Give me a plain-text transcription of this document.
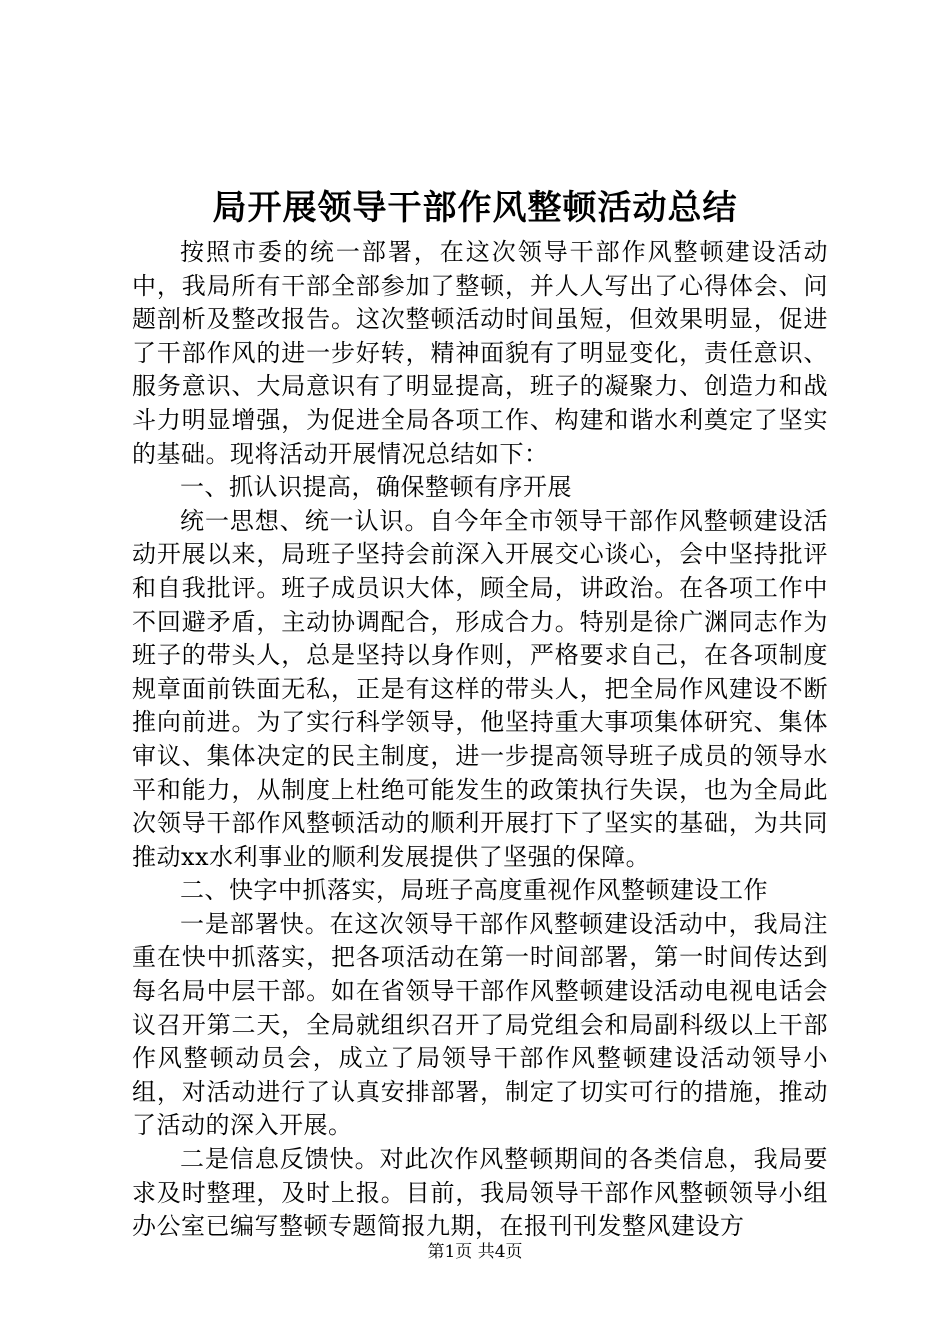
局开展领导干部作风整顿活动总结

按照市委的统一部署，在这次领导干部作风整顿建设活动中，我局所有干部全部参加了整顿，并人人写出了心得体会、问题剖析及整改报告。这次整顿活动时间虽短，但效果明显，促进了干部作风的进一步好转，精神面貌有了明显变化，责任意识、服务意识、大局意识有了明显提高，班子的凝聚力、创造力和战斗力明显增强，为促进全局各项工作、构建和谐水利奠定了坚实的基础。现将活动开展情况总结如下：

一、抓认识提高，确保整顿有序开展

统一思想、统一认识。自今年全市领导干部作风整顿建设活动开展以来，局班子坚持会前深入开展交心谈心，会中坚持批评和自我批评。班子成员识大体，顾全局，讲政治。在各项工作中不回避矛盾，主动协调配合，形成合力。特别是徐广渊同志作为班子的带头人，总是坚持以身作则，严格要求自己，在各项制度规章面前铁面无私，正是有这样的带头人，把全局作风建设不断推向前进。为了实行科学领导，他坚持重大事项集体研究、集体审议、集体决定的民主制度，进一步提高领导班子成员的领导水平和能力，从制度上杜绝可能发生的政策执行失误，也为全局此次领导干部作风整顿活动的顺利开展打下了坚实的基础，为共同推动xx水利事业的顺利发展提供了坚强的保障。

二、快字中抓落实，局班子高度重视作风整顿建设工作

一是部署快。在这次领导干部作风整顿建设活动中，我局注重在快中抓落实，把各项活动在第一时间部署，第一时间传达到每名局中层干部。如在省领导干部作风整顿建设活动电视电话会议召开第二天，全局就组织召开了局党组会和局副科级以上干部作风整顿动员会，成立了局领导干部作风整顿建设活动领导小组，对活动进行了认真安排部署，制定了切实可行的措施，推动了活动的深入开展。

二是信息反馈快。对此次作风整顿期间的各类信息，我局要求及时整理，及时上报。目前，我局领导干部作风整顿领导小组办公室已编写整顿专题简报九期，在报刊刊发整风建设方

第1页 共4页
